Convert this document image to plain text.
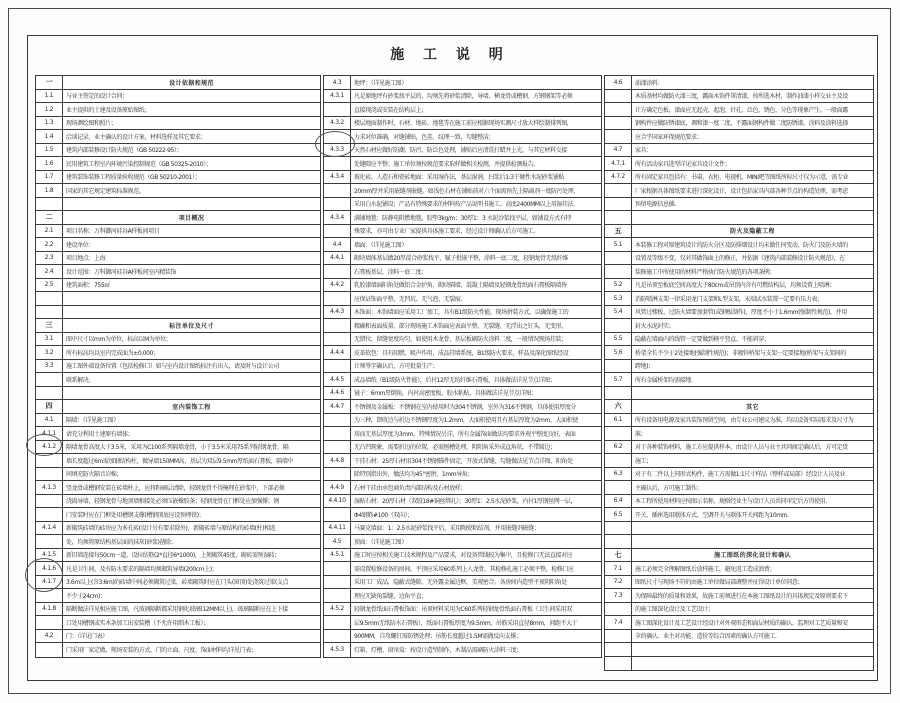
施 工 说 明
一	设计依据和规范
1.1	与业主签定的设计合同；
1.2	业主提供的土建及设备原始图纸；
1.3	现场测绘图和照片；
1.4	洽谈记录、业主确认的设计方案，材料选样及其它要求；
1.5	建筑内部装修设计防火规范（GB 50222-95）；
1.6	民用建筑工程室内环境污染控制规范（GB 50325-2010）；
1.7	建筑装饰装修工程质量验收规范（GB 50210-2001）；
1.8	国家的其它规定建筑标准规范。
二	项目概况
2.1	项目名称：万科御河硅谷A样板间项目
2.2	建设单位：
2.3	项目地点：上海
2.4	设计范围：万科御河硅谷A样板间室内精装饰
2.5	建筑面积：755㎡
三	标注单位及尺寸
3.1	图中尺寸以mm为单位，标高以M为单位；
3.2	所有标高均以室内完成面为±0.000；
3.3	施工图外端设备位置（包括检修口）如与室内设计图纸标注有出入，请及时与设计公司
联系解决。
四	室内装饰工程
4.1	隔墙：（详见施工图）
4.1.1	请充分利用土建原有墙体；
4.1.2	隔墙龙骨高度大于3.5米，采用为C100系列隔墙龙骨，小于3.5米采用75系列轻钢龙骨，隔
墙长度超过6m需加钢结构柱，做导墙150MM高，基层为双层9.5mm厚纸面石膏板，隔墙中
间填充防火隔音岩棉；
4.1.3	竖龙骨或槽钢安装在砖墙柱上，应将粉刷层清除，轻钢龙骨不得掩埋在砂浆中，下部必须
浇捣导墙，轻钢龙骨与地顶墙相接处必须压嵌橡胶条；轻钢龙骨在门框处应加强撑；钢
门安装时应在门框处用槽钢支撑(槽钢顶底应设预埋铁)；
4.1.4	新砌筑砖墙的砖块应为多孔砖(设计另有要求除外)，新砌砖墙与原结构的砖墙(柱)相连
处，均须将原结构基层面的抹灰(砂浆)凿除；
4.1.5	新旧墙连接每50cm一道，设拉结筋(2*直径6*1000)，上须砌筑45度，砌砖需预湿砖；
4.1.6	凡是卫生间、及有防水要求的隔墙均须砌筑导墙(200cm上)；
4.1.7	3.6m以上(含3.6m)的砖墙中间必须砌筑过梁，砖墙砌筑时应在门头(窗顶)处浇筑过梁(支点
不少于24cm)；
4.1.8	隔断做法详见相应施工图，凡玻璃隔断都采用钢化玻璃(12MM以上)，玻璃隔断应在上下接
口处用槽钢或实木条加工出安装槽（不允许用细木工板）；
4.2	门：（详见门表）
门采用厂家定做，现场安装的方式，门的立面、尺度、饰面材料均详见门表；
4.3	地坪：（详见施工图）
4.3.1	凡是原地坪有砂浆找平层的，均须先将砂浆清除，导墙、横龙骨或槽钢、方钢钢架等必须
直接现浇或安装在结构层上；
4.3.2	楼层地面制作时，石材、地砖、地毯等在施工前应根据现场实测尺寸放大样绘制排列图，
力求对位准确，对缝铺贴，色差、纹理一致，勾缝整洁；
4.3.3	天然石材应做好防潮、防污、防泛色处理，铺贴后应清洗打蜡并上光，与其它材料交接
处缝隙应平整；施工单位须按规范要求取样做相关检测，并提供检测报告。
4.3.4	玻化砖、人造石和瓷砖地面：采用湿作法，基层湿润，扫浆后1:3干硬性水泥砂浆铺贴
20mm厚并采用嵌缝剂嵌缝。如浅色石材在铺贴前对六个面需预先上隔离剂一度防污处理，
采用白水泥铺设；产品有特殊要求的材料按产品说明书施工。高度2400MM以上用湿挂法.
4.3.4	满铺地毯：防静电阻燃地毯，胶垫3kg/m；30厚1：3 水泥沙浆找平层，如铺设方式有特
殊要求，亦可由专业厂家提供具体施工要求，经过设计师确认后方可施工。
4.4	墙面：（详见施工图）
4.4.1	砌块墙体基层做20厚混合砂浆找平，腻子批嵌平整，涂料一底二度，轻钢龙骨无纸纤维
石膏板基层，涂料一底二度；
4.4.2	乳胶漆墙面阳角处做铝合金护角，砌块隔墙、混凝土隔墙及轻钢龙骨纸面石膏板隔墙皆
应保证饰面平整，无凹坑、无气泡、无裂痕.
4.4.3	木饰面：木饰墙面应采用工厂加工，具有B1级防火性能，现场拼装方式，以确保施工的
精确和表面质量。部分现场施工木饰面应表面平整，无裂缝、无浮出之钉头，无变形，
无错位，留缝宽度均匀，如使用木龙骨，基层板刷防火涂料二度，一般情况现场挂装；
4.4.4	皮革软包：具有阻燃、吸声作用，成品挂墙系统，B1级防火要求，样品及深化图纸经设
计师签字确认后，方可批量生产；
4.4.5	成品墙纸（B1级防火性能），后衬12厚无纺纤维石膏板，具体做法详见节点详图；
4.4.6	镜子：6mm厚倒角，内衬高密度板，胶水粘贴，具体做法详见节点详图；
4.4.7	不锈钢及金属板：不锈钢在室内使用时为304不锈钢，室外为316不锈钢，具体使用厚度分
为三种，即收边与折边不锈钢厚度为1.2mm，大面积使用且有基层厚度为2mm，大面积使
用而无基层厚度为3mm，特殊情况另详，所有金属饰面做法均要求外观平整度良好，表面
无凸凹现象，需要折边的位置，必需刨槽处理，阴阳角采外成直角状，不带圆边；
4.4.8	干挂石材：25厚石材用304不锈钢锚件固定，开放式留缝，勾缝做法见节点详图，阳角处
除特别指出外，做法均为45°密拼，1mm导角；
4.4.9	石材干挂由承包商负责内部结构及石材放样；
4.4.10	湿贴石材：20厚石材（双股18#铜丝绑扎）；30厚1：2.5水泥砂浆，内衬1厚钢丝网一层，
Φ4钢筋#100（双向）；
4.4.11	马赛克墙面：1：2.5水泥砂浆找平后，采用陶瓷粘结剂，并用嵌缝剂嵌缝；
4.5	顶面：（详见施工图）
4.5.1	施工时应按相关施工技术规程及产品要求，对设备管线较为集中，且检修口无法直接对应
需设置检修设备的房间，平顶应采用60系列上人龙骨，其检修孔施工必须平整，检修口应
采用工厂成品，隐蔽式缝隙，无外露金属边框，美观密合。各房间内造型平顶阴阳角处
理应无缺角裂缝，边角平直；
4.5.2	轻钢龙骨纸面石膏板饰面：吊顶材料采用为C60系列轻钢龙骨纸面石膏板（卫生间采用双
层9.5mm无纸防水石膏板），纸面石膏板厚度为9.5mm，吊筋采用直径8mm，间距不大于
900MM，自攻螺钉需防锈处理；吊筋长度超过1.5M需做反向支撑；
4.5.3	灯箱、灯槽、窗帘盒：按设计造型制作，木制品需刷防火涂料三度；
4.6	油漆涂料：
木质基材均做防火漆三度，露面木饰件罩清漆，按所选木材，制作油漆小样交业主及设
计方确定色板，漆面应无起壳、起泡、针孔、泛色、锈色、分色等现象产生。一般面露
钢构件应做防锈漆底，调和漆一度二度，不露面钢构件做二度防锈漆，涂料及涂料选择
应合乎国家环保规范要求；
4.7	家具：
4.7.1	所有活动家具选型详见家具设计文件；
4.7.2	所有固定家具包括有：书桌、衣柜、电视机、MINI吧等图纸所标尺寸仅为示意，需专业
厂家根据具体图纸要求进行深化设计，设计包括家具内部各种节点的构造处理，需考虑
预留电源信息插.
五	防火及隐蔽工程
5.1	本装修工程对原建筑设计的防火分区及防排烟设计均未做任何变动，防火门及防火墙的
设置及等级不变，仅对其做饰面上的修正，并依据《建筑内部装修设计防火规范》，在
装修施工中所使用的材料严格执行防火规范的各项条例；
5.2	凡是吊顶至板底空间高度大于80cm或吊顶内含有可燃结构层，均须设置上喷淋；
5.3	消防喷淋支架一律采用龙门支架和L型支架，末端试水装置一定要有压力表；
5.4	风管过楼板、过防火墙要加套管(或钢板制作)，厚度不小于1.6mm(强制性规范)，并用
封火水泥封实；
5.5	隐蔽在墙面内的线管一定要做到横平竖直、不能斜穿；
5.6	桥架全长不少于2处接地(强制性规范)；非镀锌桥架与支架一定要接地(桥架与支架间的
跨地)；
5.7	所有金属桥架均需接地.
六	其它
6.1	所有设备用电源及家具装饰预留空间，由专业公司建议为准，均以设备实际需求及尺寸为
准；
6.2	对于各种装饰材料，施工方应提供样本，由设计人员与业主共同商定确认后，方可定货
施工；
6.3	对于有二件以上同形式构件，施工方需做1:1尺寸样品（整样或局部）经设计人员及业
主确认后，方可施工制作；
6.4	本工程所使用材料应按图示名称、规格经业主与设计人员共同审定后方得使用.
6.5	开关、插座选用联体方式，空调开关与联体开关间距为10mm.
七	施工图纸的深化设计和确认
7.1	施工必须完全理解图纸后放样施工，避免返工造成浪费；
7.2	图纸尺寸与现场不符的由施工单位做局部调整并征得设计单位同意；
7.3	为保障最终的质量和效果，故施工前须进行在本施工图纸设计的具体规定及原则要求下
的施工图深化设计及工艺设计；
7.4	施工图深化设计及工艺设计经设计对外观形态和面层材质的确认、监理对工艺质量和安
全的确认、业主对功能、造价等综合因素的确认方可施工.
